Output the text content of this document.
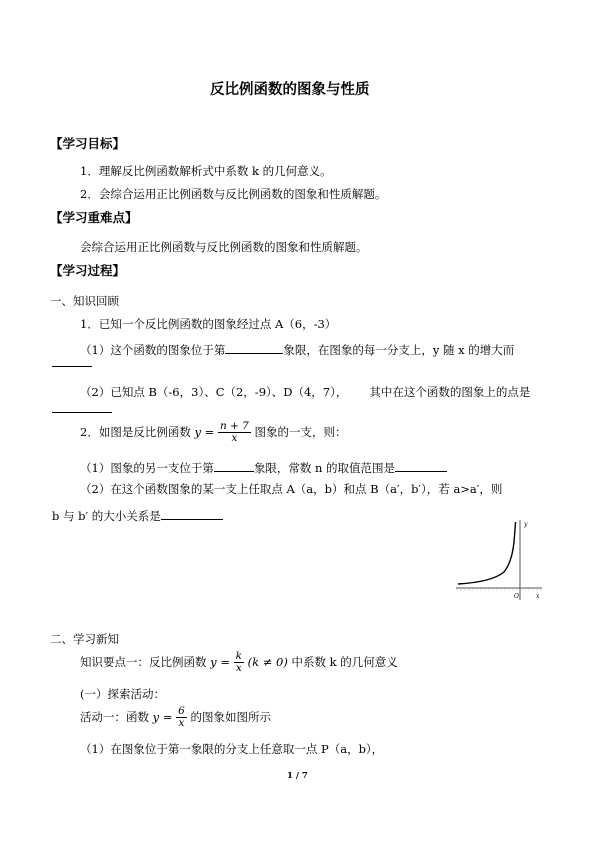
反比例函数的图象与性质
【学习目标】
1．理解反比例函数解析式中系数 k 的几何意义。
2．会综合运用正比例函数与反比例函数的图象和性质解题。
【学习重难点】
会综合运用正比例函数与反比例函数的图象和性质解题。
【学习过程】
一、知识回顾
1．已知一个反比例函数的图象经过点 A（6，-3）
（1）这个函数的图象位于第	象限，在图象的每一分支上，y 随 x 的增大而
（2）已知点 B（-6，3）、C（2，-9）、D（4，7）， 其中在这个函数的图象上的点是
2．如图是反比例函数 $y = \frac{n + 7}{x}$ 图象的一支，则：
（1）图象的另一支位于第	象限，常数 n 的取值范围是
（2）在这个函数图象的某一支上任取点 A（a，b）和点 B（a′，b′），若 a>a′，则
b 与 b′ 的大小关系是
y
x
O
二、学习新知
知识要点一：反比例函数 $y = \frac{k}{x} (k \ne 0)$ 中系数 k 的几何意义
(一）探索活动：
活动一：函数 $y = \frac{6}{x}$ 的图象如图所示
（1）在图象位于第一象限的分支上任意取一点 P（a，b），
1 / 7
